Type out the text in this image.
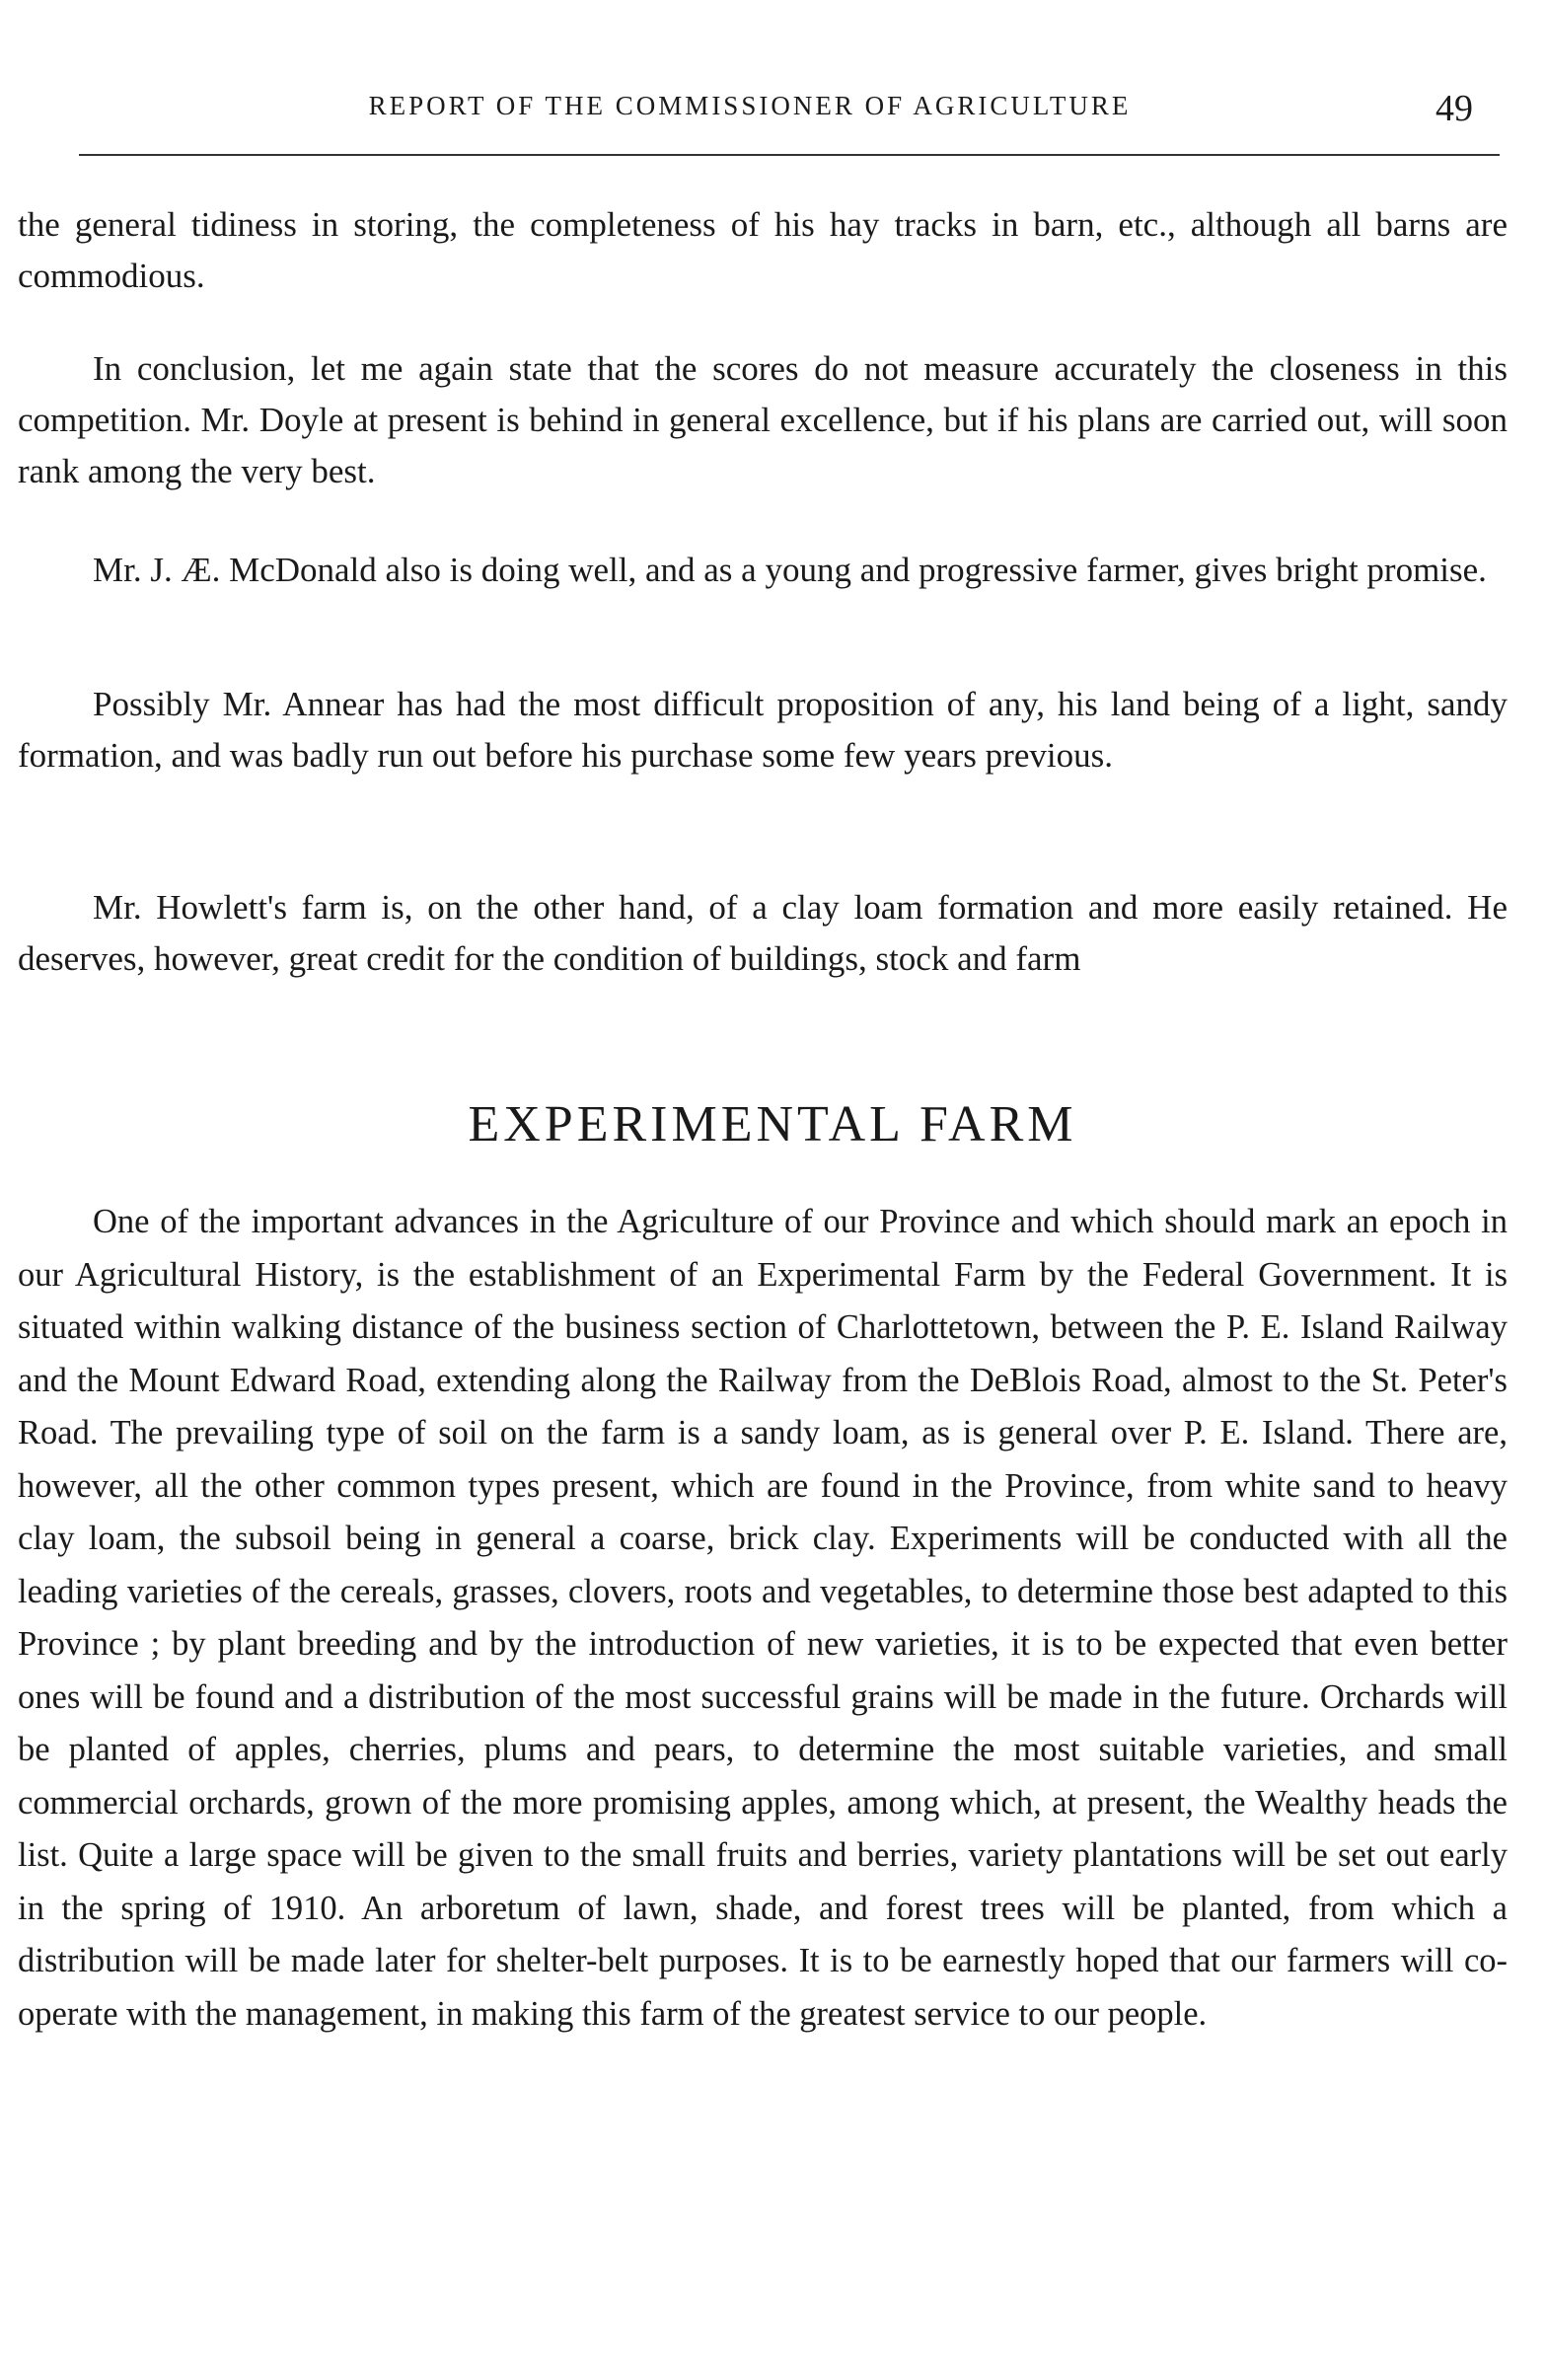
REPORT OF THE COMMISSIONER OF AGRICULTURE	49

the general tidiness in storing, the completeness of his hay tracks in barn, etc., although all barns are commodious.

In conclusion, let me again state that the scores do not measure accurately the closeness in this competition. Mr. Doyle at present is behind in general excellence, but if his plans are carried out, will soon rank among the very best.

Mr. J. Æ. McDonald also is doing well, and as a young and progressive farmer, gives bright promise.

Possibly Mr. Annear has had the most difficult proposition of any, his land being of a light, sandy formation, and was badly run out before his purchase some few years previous.

Mr. Howlett's farm is, on the other hand, of a clay loam formation and more easily retained. He deserves, however, great credit for the condition of buildings, stock and farm

EXPERIMENTAL FARM

One of the important advances in the Agriculture of our Province and which should mark an epoch in our Agricultural History, is the establishment of an Experimental Farm by the Federal Government. It is situated within walking distance of the business section of Charlottetown, between the P. E. Island Railway and the Mount Edward Road, extending along the Railway from the DeBlois Road, almost to the St. Peter's Road. The prevailing type of soil on the farm is a sandy loam, as is general over P. E. Island. There are, however, all the other common types present, which are found in the Province, from white sand to heavy clay loam, the subsoil being in general a coarse, brick clay. Experiments will be conducted with all the leading varieties of the cereals, grasses, clovers, roots and vegetables, to determine those best adapted to this Province ; by plant breeding and by the introduction of new varieties, it is to be expected that even better ones will be found and a distribution of the most successful grains will be made in the future. Orchards will be planted of apples, cherries, plums and pears, to determine the most suitable varieties, and small commercial orchards, grown of the more promising apples, among which, at present, the Wealthy heads the list. Quite a large space will be given to the small fruits and berries, variety plantations will be set out early in the spring of 1910. An arboretum of lawn, shade, and forest trees will be planted, from which a distribution will be made later for shelter-belt purposes. It is to be earnestly hoped that our farmers will co-operate with the management, in making this farm of the greatest service to our people.
